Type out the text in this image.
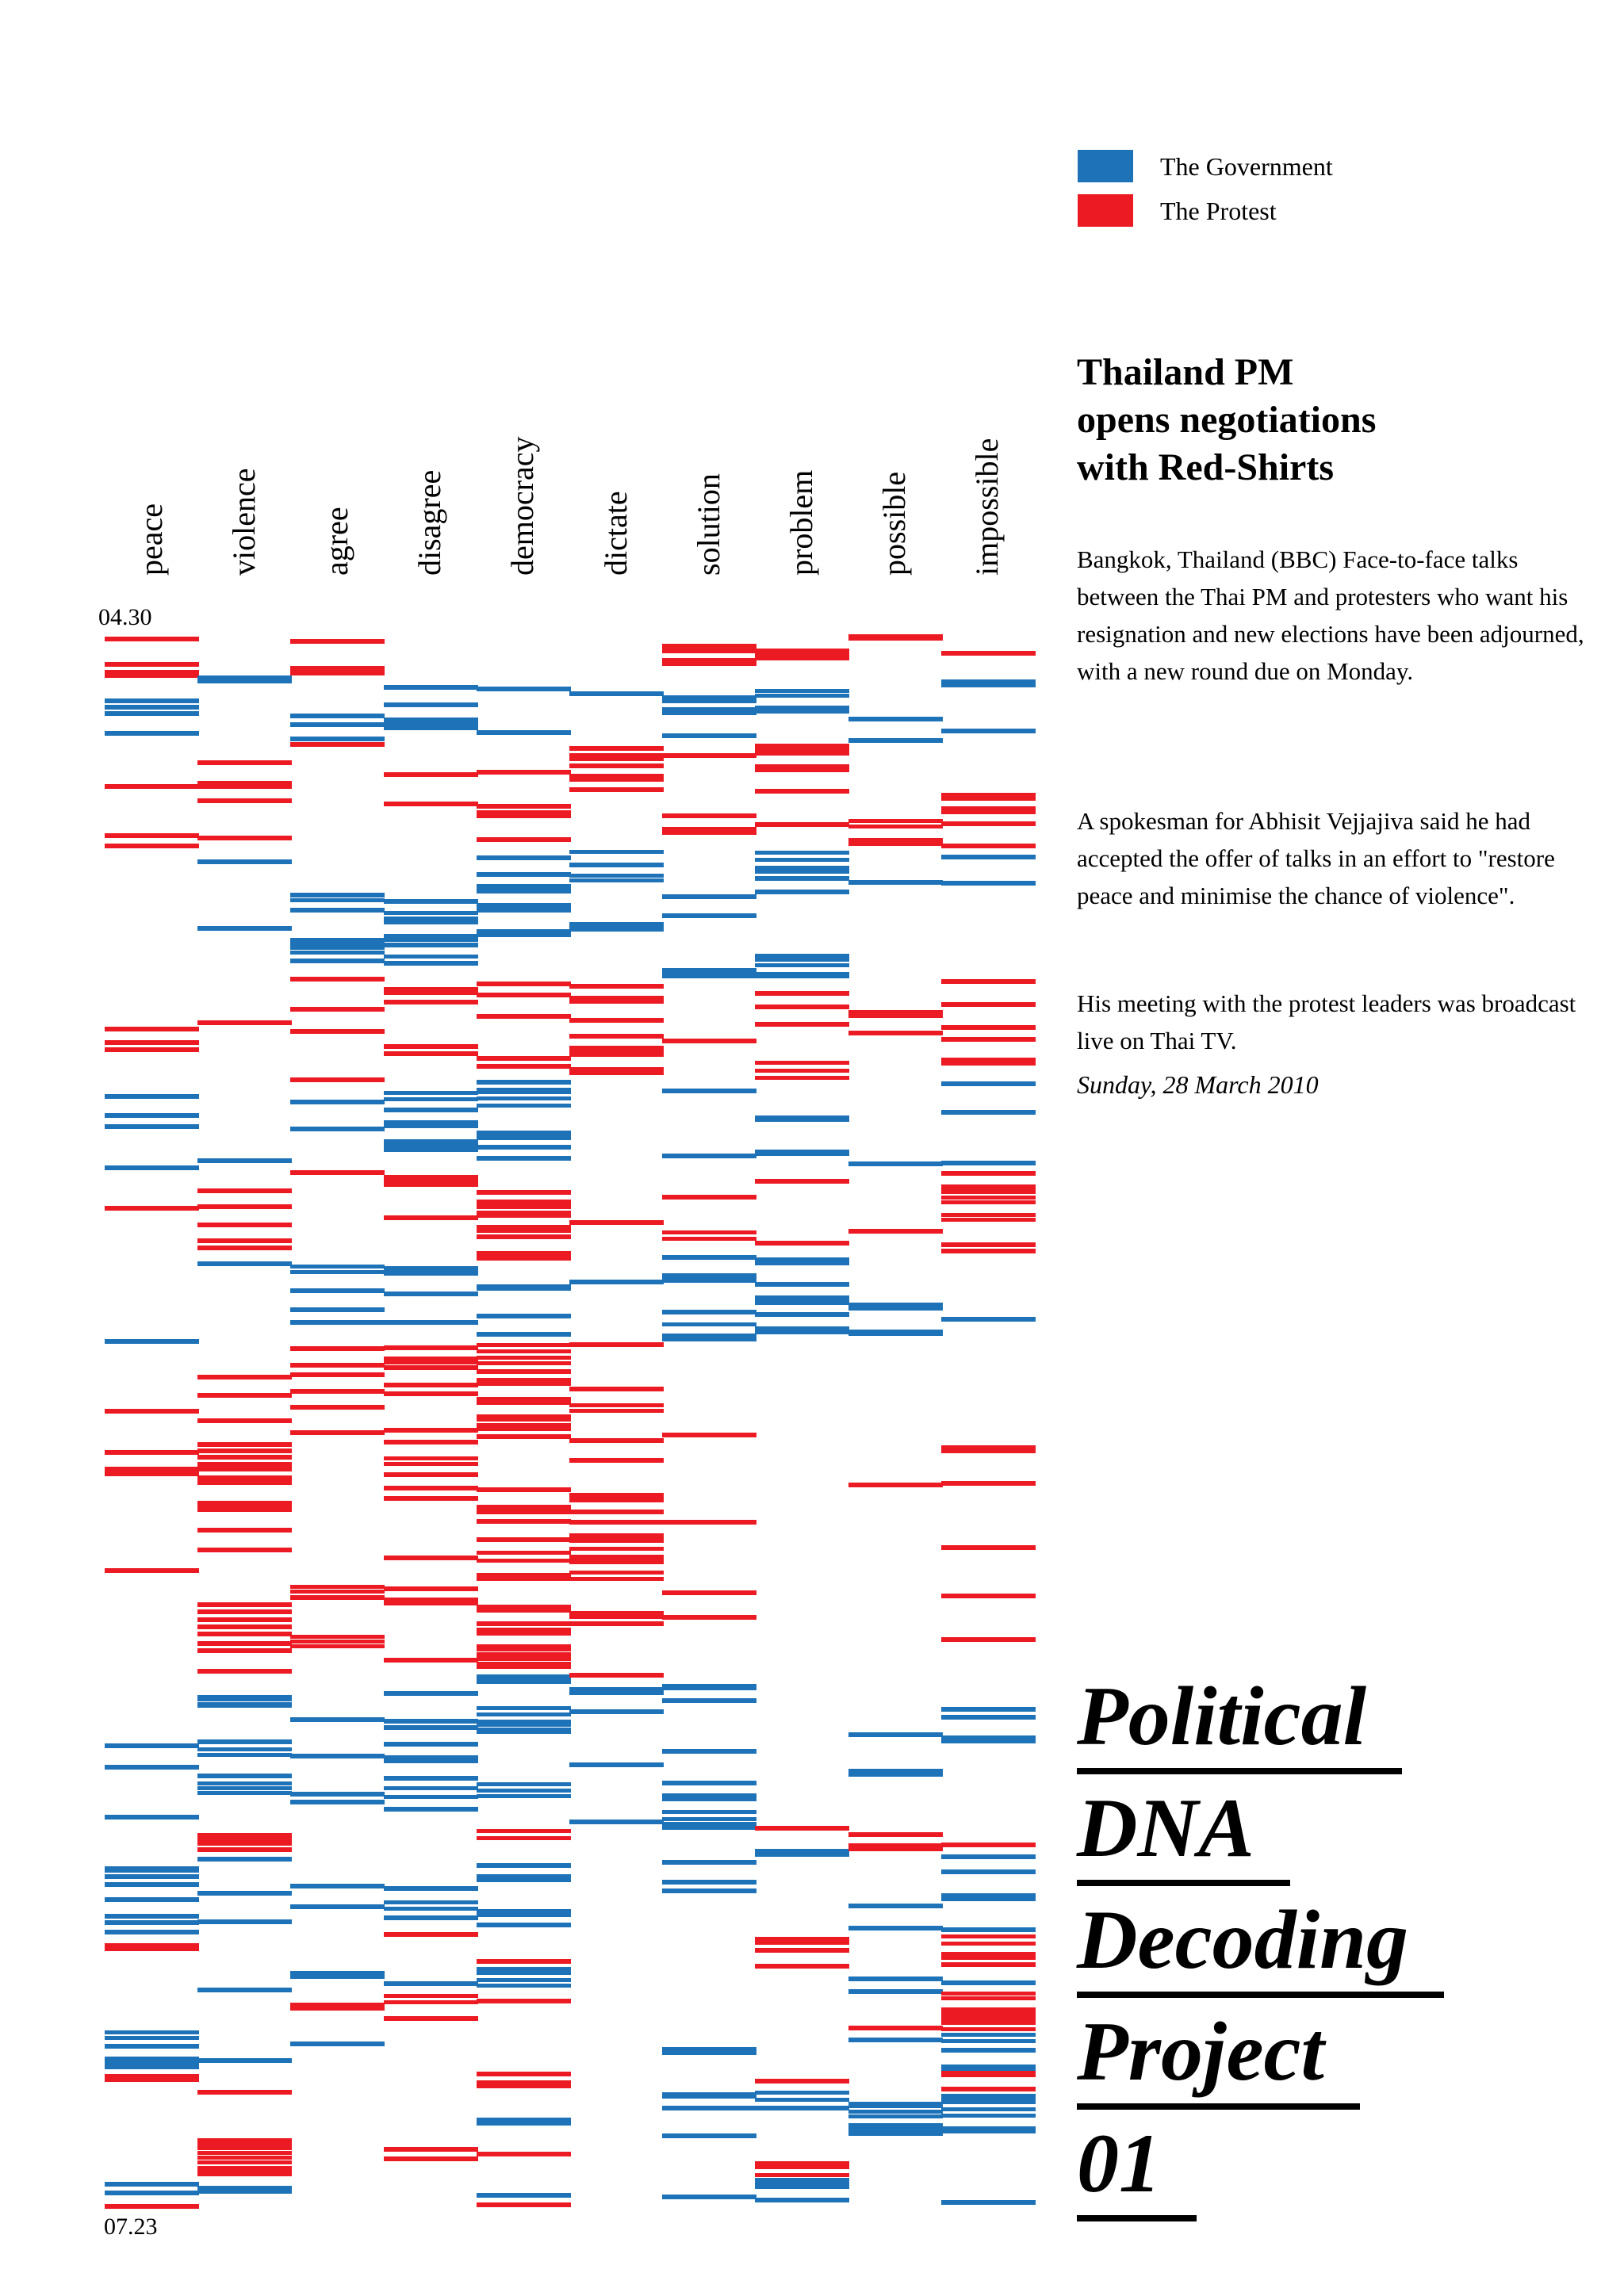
The Government
The Protest
peace violence agree disagree democracy dictate solution problem possible impossible
04.30
07.23
Thailand PM
opens negotiations
with Red-Shirts

Bangkok, Thailand (BBC) Face-to-face talks between the Thai PM and protesters who want his resignation and new elections have been adjourned, with a new round due on Monday.

A spokesman for Abhisit Vejjajiva said he had accepted the offer of talks in an effort to "restore peace and minimise the chance of violence".

His meeting with the protest leaders was broadcast live on Thai TV.

Sunday, 28 March 2010
Political
DNA
Decoding
Project
01
